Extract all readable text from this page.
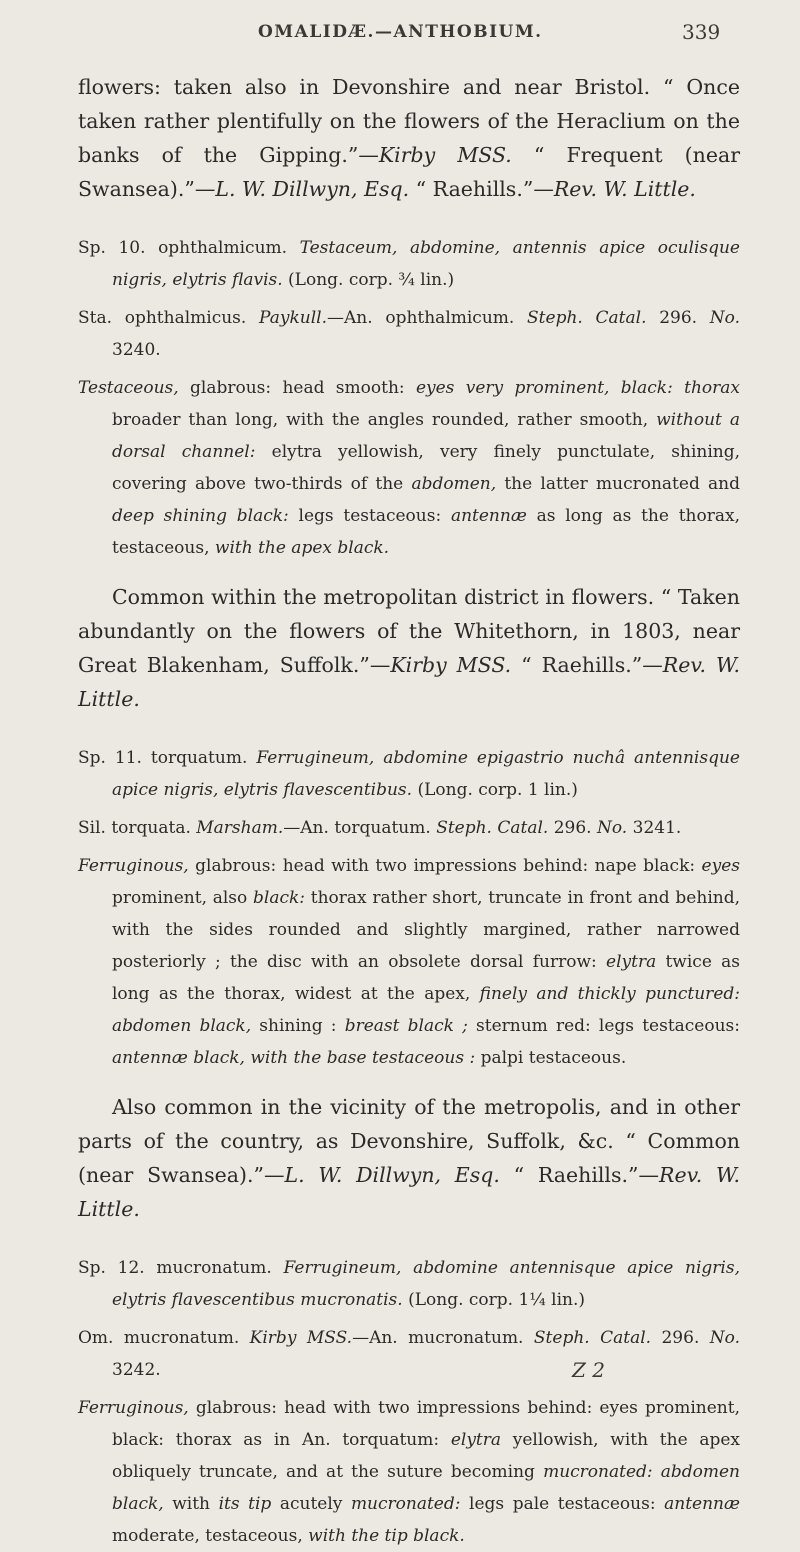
OMALIDÆ.—ANTHOBIUM.	339

flowers: taken also in Devonshire and near Bristol. “ Once taken rather plentifully on the flowers of the Heraclium on the banks of the Gipping.”—Kirby MSS. “ Frequent (near Swansea).”—L. W. Dillwyn, Esq. “ Raehills.”—Rev. W. Little.

Sp. 10. ophthalmicum. Testaceum, abdomine, antennis apice oculisque nigris, elytris flavis. (Long. corp. ¾ lin.)

Sta. ophthalmicus. Paykull.—An. ophthalmicum. Steph. Catal. 296. No. 3240.

Testaceous, glabrous: head smooth: eyes very prominent, black: thorax broader than long, with the angles rounded, rather smooth, without a dorsal channel: elytra yellowish, very finely punctulate, shining, covering above two-thirds of the abdomen, the latter mucronated and deep shining black: legs testaceous: antennæ as long as the thorax, testaceous, with the apex black.

Common within the metropolitan district in flowers. “ Taken abundantly on the flowers of the Whitethorn, in 1803, near Great Blakenham, Suffolk.”—Kirby MSS. “ Raehills.”—Rev. W. Little.

Sp. 11. torquatum. Ferrugineum, abdomine epigastrio nuchâ antennisque apice nigris, elytris flavescentibus. (Long. corp. 1 lin.)

Sil. torquata. Marsham.—An. torquatum. Steph. Catal. 296. No. 3241.

Ferruginous, glabrous: head with two impressions behind: nape black: eyes prominent, also black: thorax rather short, truncate in front and behind, with the sides rounded and slightly margined, rather narrowed posteriorly ; the disc with an obsolete dorsal furrow: elytra twice as long as the thorax, widest at the apex, finely and thickly punctured: abdomen black, shining : breast black ; sternum red: legs testaceous: antennæ black, with the base testaceous : palpi testaceous.

Also common in the vicinity of the metropolis, and in other parts of the country, as Devonshire, Suffolk, &c. “ Common (near Swansea).”—L. W. Dillwyn, Esq. “ Raehills.”—Rev. W. Little.

Sp. 12. mucronatum. Ferrugineum, abdomine antennisque apice nigris, elytris flavescentibus mucronatis. (Long. corp. 1¼ lin.)

Om. mucronatum. Kirby MSS.—An. mucronatum. Steph. Catal. 296. No. 3242.

Ferruginous, glabrous: head with two impressions behind: eyes prominent, black: thorax as in An. torquatum: elytra yellowish, with the apex obliquely truncate, and at the suture becoming mucronated: abdomen black, with its tip acutely mucronated: legs pale testaceous: antennæ moderate, testaceous, with the tip black.

Z 2
